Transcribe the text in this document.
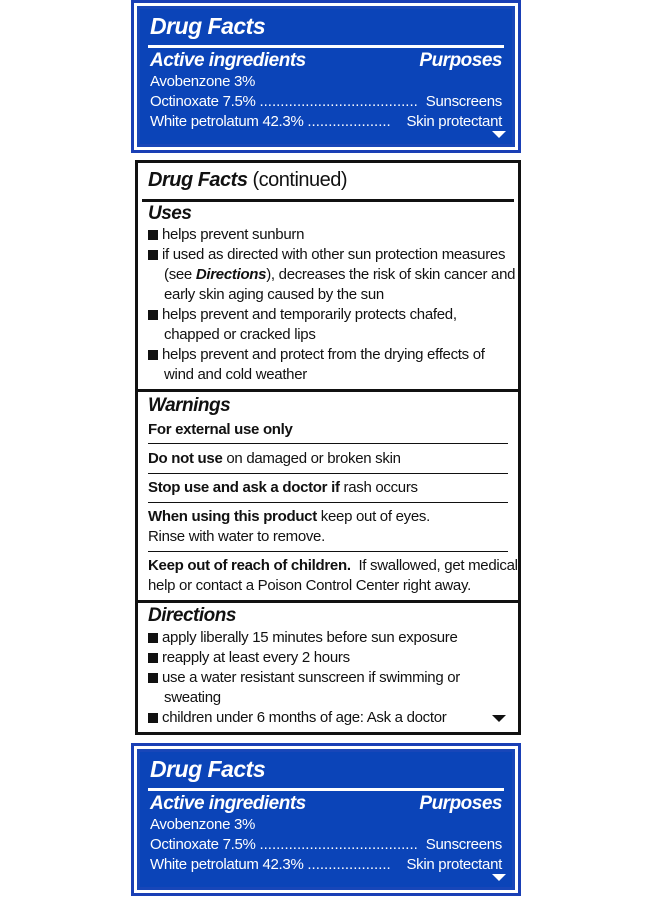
Drug Facts
Active ingredients	Purposes
Avobenzone 3%
Octinoxate 7.5% ...................................... Sunscreens
White petrolatum 42.3% .................... Skin protectant
Drug Facts (continued)
Uses
helps prevent sunburn
if used as directed with other sun protection measures
(see Directions), decreases the risk of skin cancer and
early skin aging caused by the sun
helps prevent and temporarily protects chafed,
chapped or cracked lips
helps prevent and protect from the drying effects of
wind and cold weather
Warnings
For external use only
Do not use on damaged or broken skin
Stop use and ask a doctor if rash occurs
When using this product keep out of eyes.
Rinse with water to remove.
Keep out of reach of children.  If swallowed, get medical
help or contact a Poison Control Center right away.
Directions
apply liberally 15 minutes before sun exposure
reapply at least every 2 hours
use a water resistant sunscreen if swimming or
sweating
children under 6 months of age: Ask a doctor
Drug Facts
Active ingredients	Purposes
Avobenzone 3%
Octinoxate 7.5% ...................................... Sunscreens
White petrolatum 42.3% .................... Skin protectant
